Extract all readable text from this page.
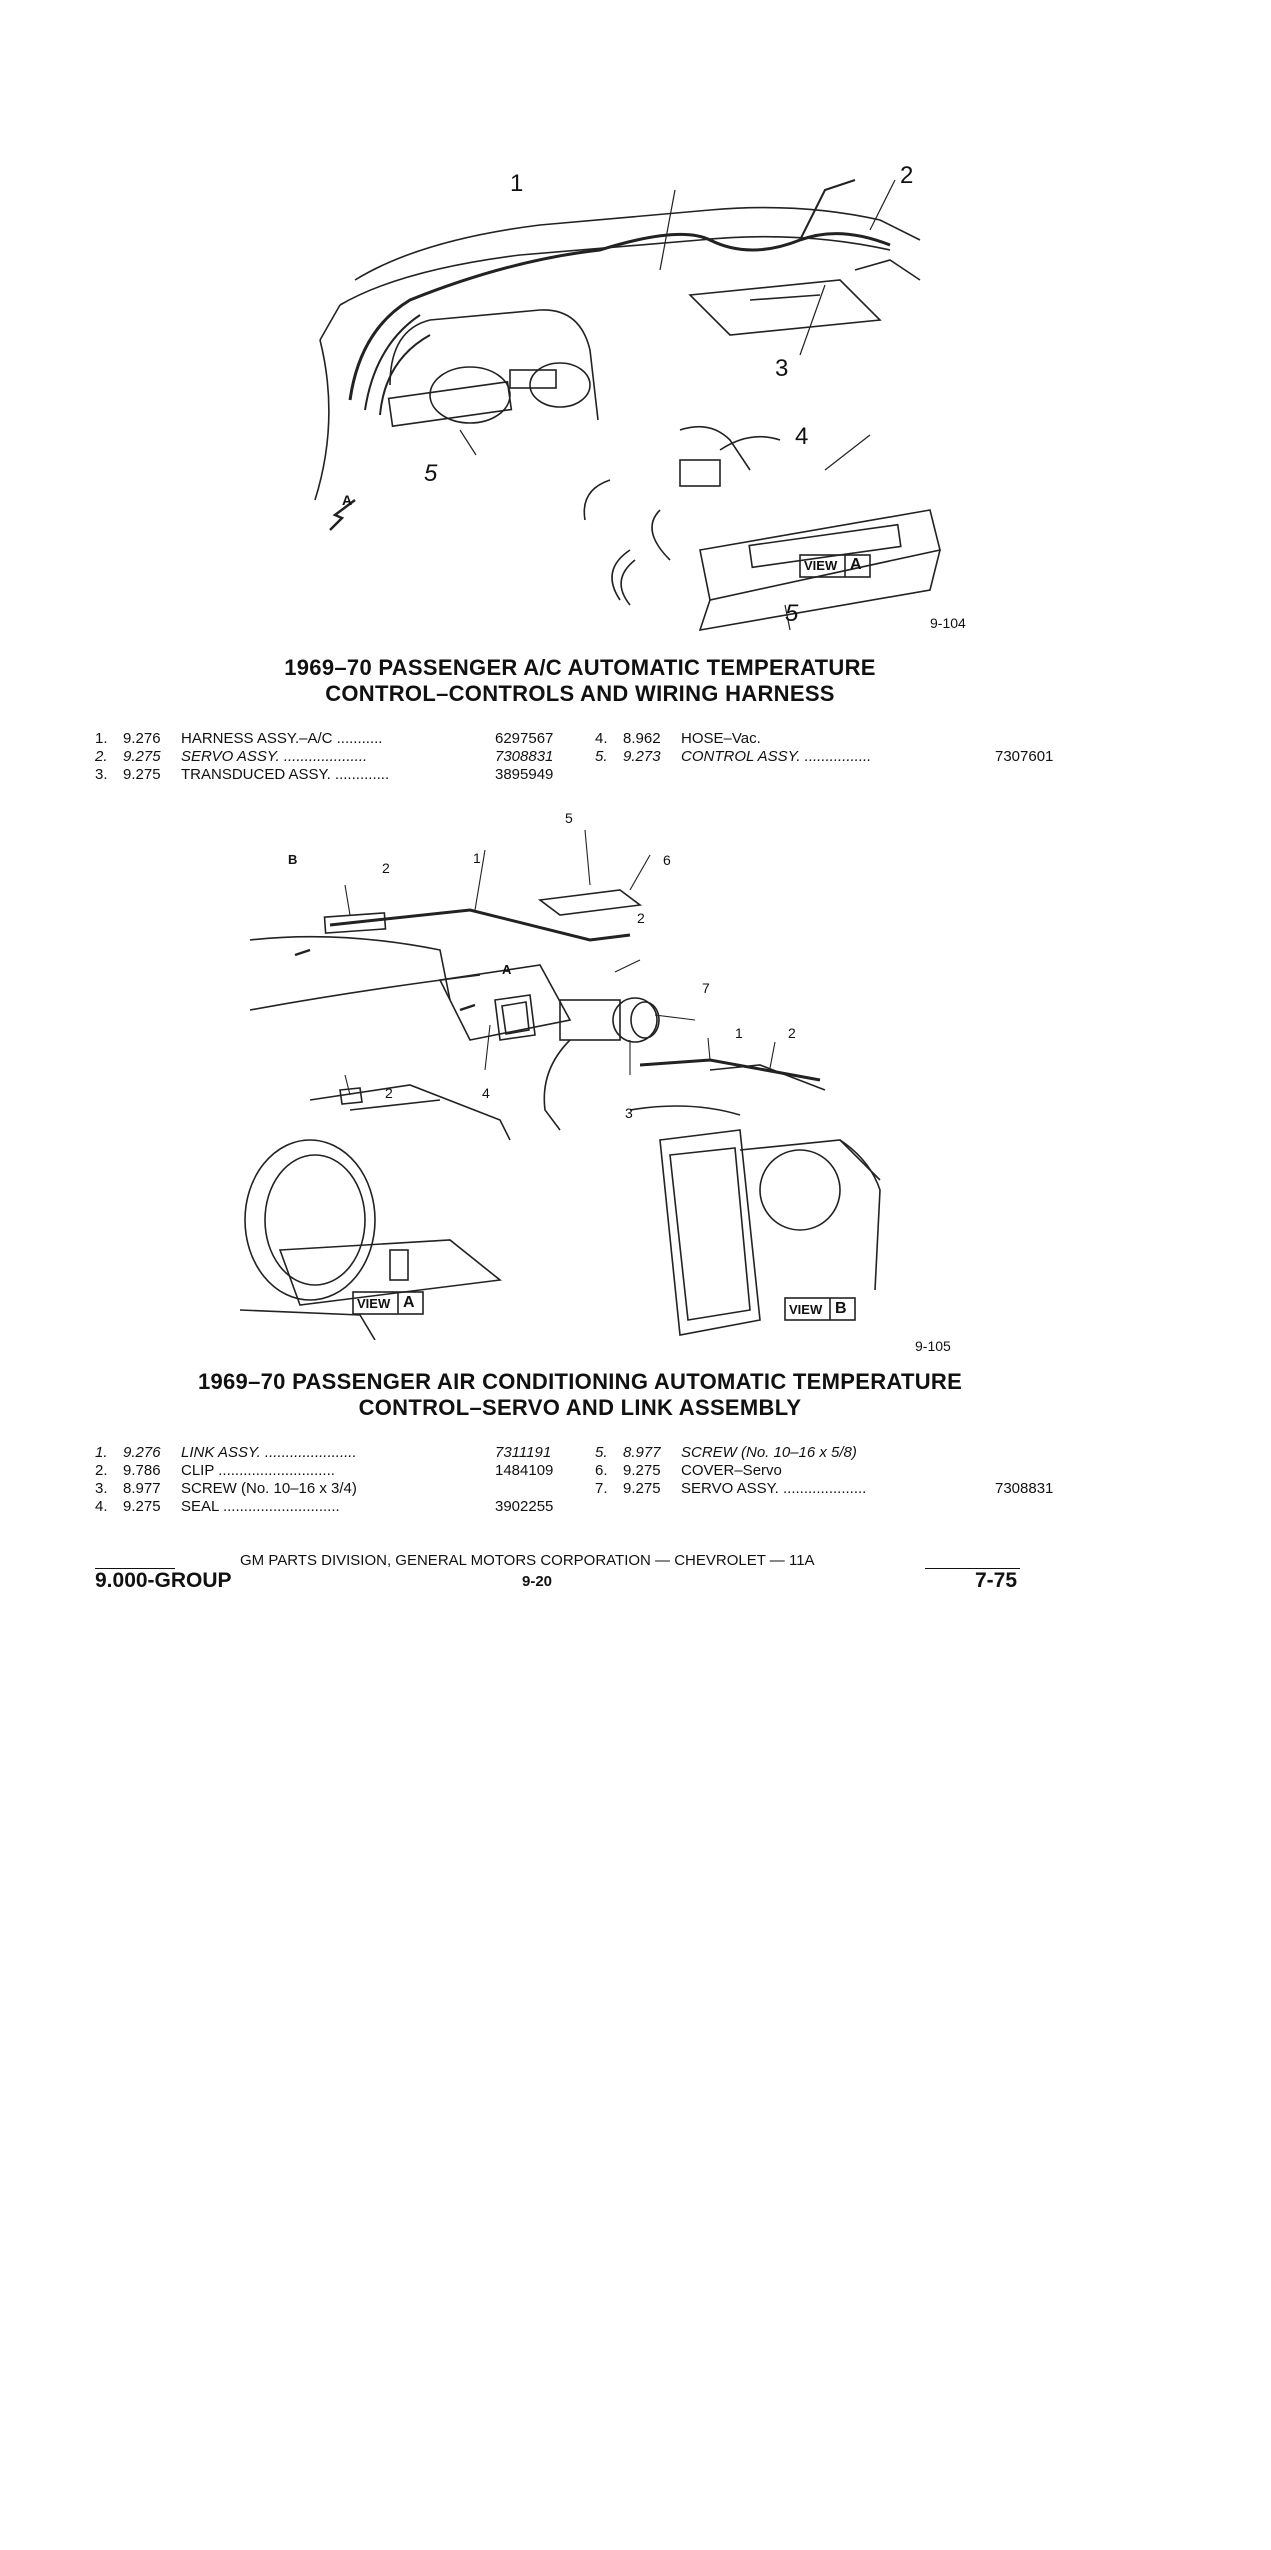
1	2
3
4
5
5
A
VIEW A
9-104
1969–70 PASSENGER A/C AUTOMATIC TEMPERATURE
CONTROL–CONTROLS AND WIRING HARNESS
1. 9.276 HARNESS ASSY.–A/C ...........	6297567
2. 9.275 SERVO ASSY. ....................	7308831
3. 9.275 TRANSDUCED ASSY. .............	3895949
4. 8.962 HOSE–Vac.
5. 9.273 CONTROL ASSY. ................	7307601
1
2
2
2
3
4
5
6
7
1	2
B
A
VIEW A	VIEW B
9-105
1969–70 PASSENGER AIR CONDITIONING AUTOMATIC TEMPERATURE
CONTROL–SERVO AND LINK ASSEMBLY
1. 9.276 LINK ASSY. ......................	7311191
2. 9.786 CLIP ............................	1484109
3. 8.977 SCREW (No. 10–16 x 3/4)
4. 9.275 SEAL ............................	3902255
5. 8.977 SCREW (No. 10–16 x 5/8)
6. 9.275 COVER–Servo
7. 9.275 SERVO ASSY. ....................	7308831
GM PARTS DIVISION, GENERAL MOTORS CORPORATION — CHEVROLET — 11A
9.000-GROUP	9-20	7-75
